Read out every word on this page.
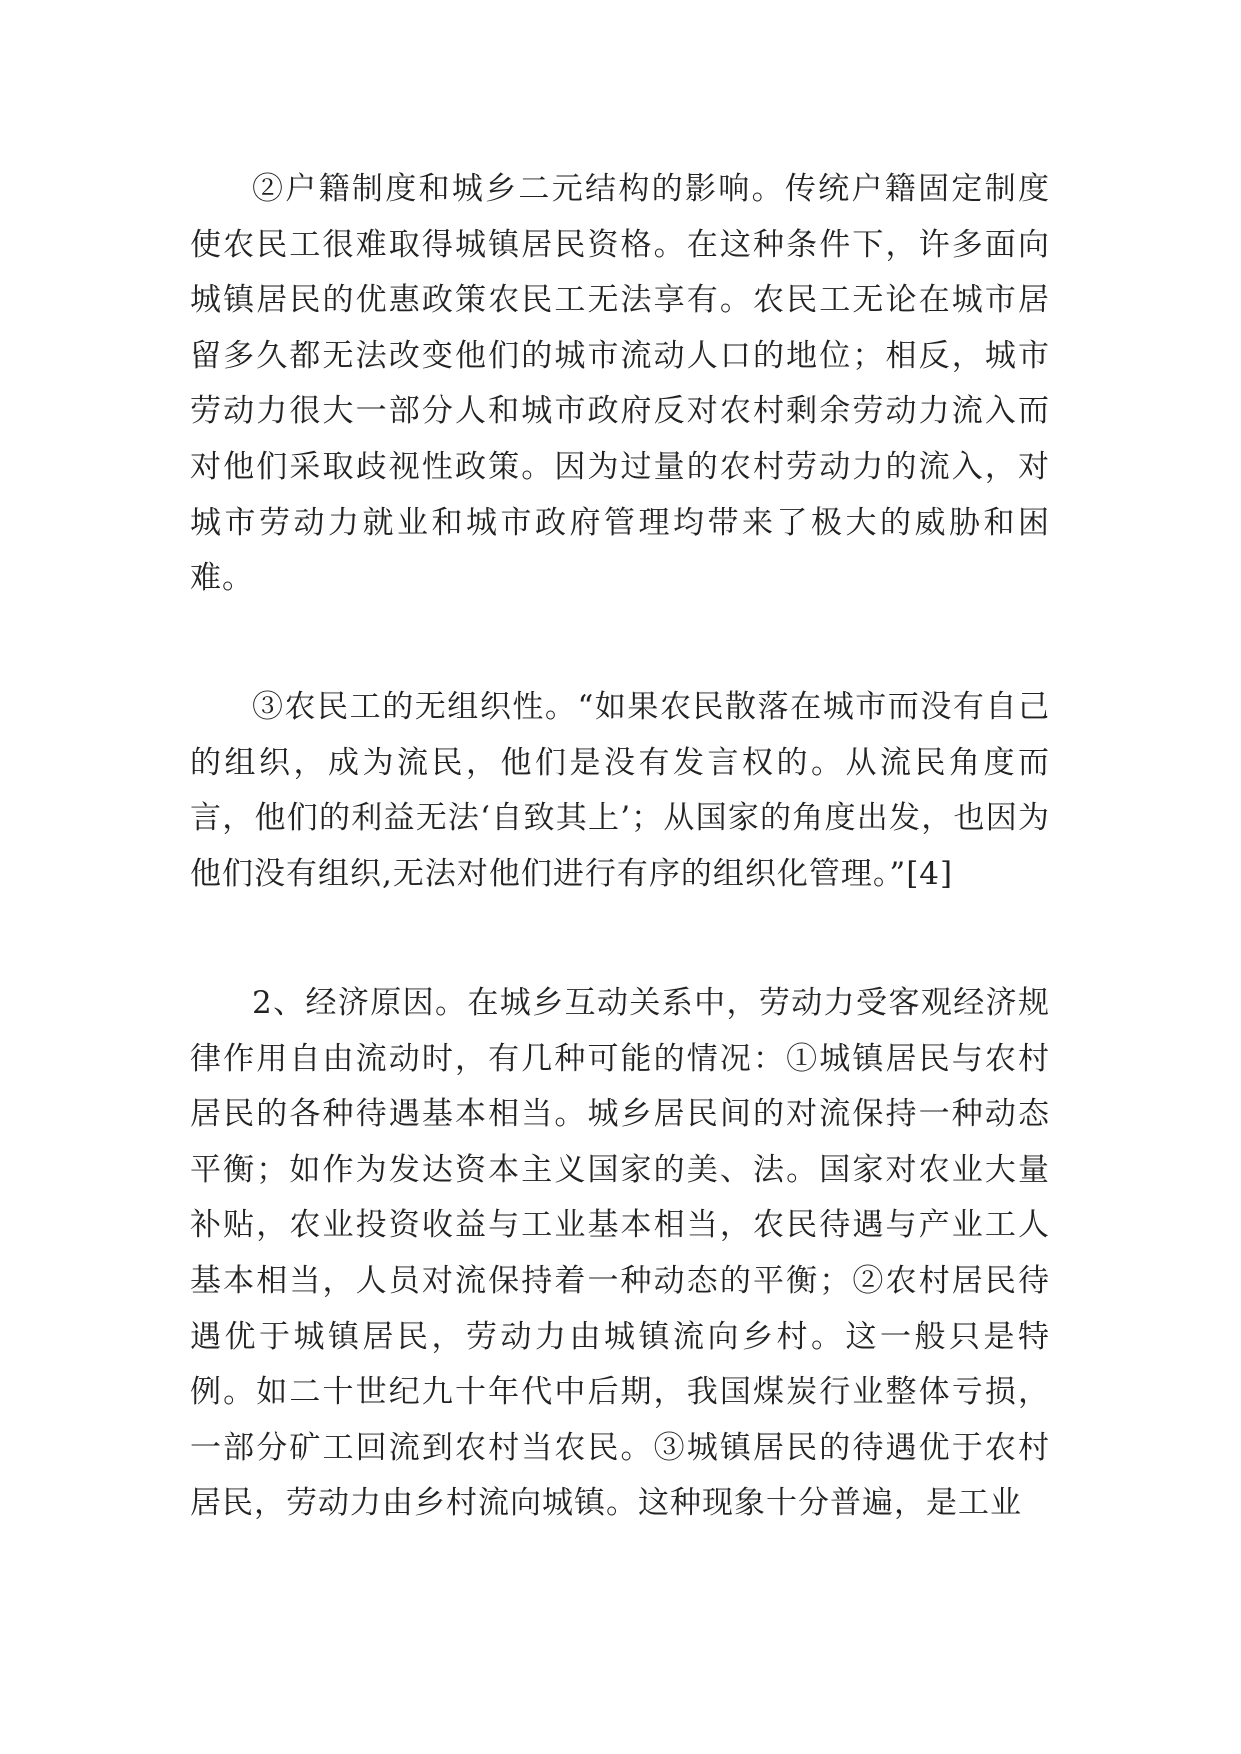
②户籍制度和城乡二元结构的影响。传统户籍固定制度使农民工很难取得城镇居民资格。在这种条件下，许多面向城镇居民的优惠政策农民工无法享有。农民工无论在城市居留多久都无法改变他们的城市流动人口的地位；相反，城市劳动力很大一部分人和城市政府反对农村剩余劳动力流入而对他们采取歧视性政策。因为过量的农村劳动力的流入，对城市劳动力就业和城市政府管理均带来了极大的威胁和困难。

③农民工的无组织性。“如果农民散落在城市而没有自己的组织，成为流民，他们是没有发言权的。从流民角度而言，他们的利益无法‘自致其上’；从国家的角度出发，也因为他们没有组织,无法对他们进行有序的组织化管理。”[4]

2、经济原因。在城乡互动关系中，劳动力受客观经济规律作用自由流动时，有几种可能的情况：①城镇居民与农村居民的各种待遇基本相当。城乡居民间的对流保持一种动态平衡；如作为发达资本主义国家的美、法。国家对农业大量补贴，农业投资收益与工业基本相当，农民待遇与产业工人基本相当，人员对流保持着一种动态的平衡；②农村居民待遇优于城镇居民，劳动力由城镇流向乡村。这一般只是特例。如二十世纪九十年代中后期，我国煤炭行业整体亏损，一部分矿工回流到农村当农民。③城镇居民的待遇优于农村居民，劳动力由乡村流向城镇。这种现象十分普遍，是工业
